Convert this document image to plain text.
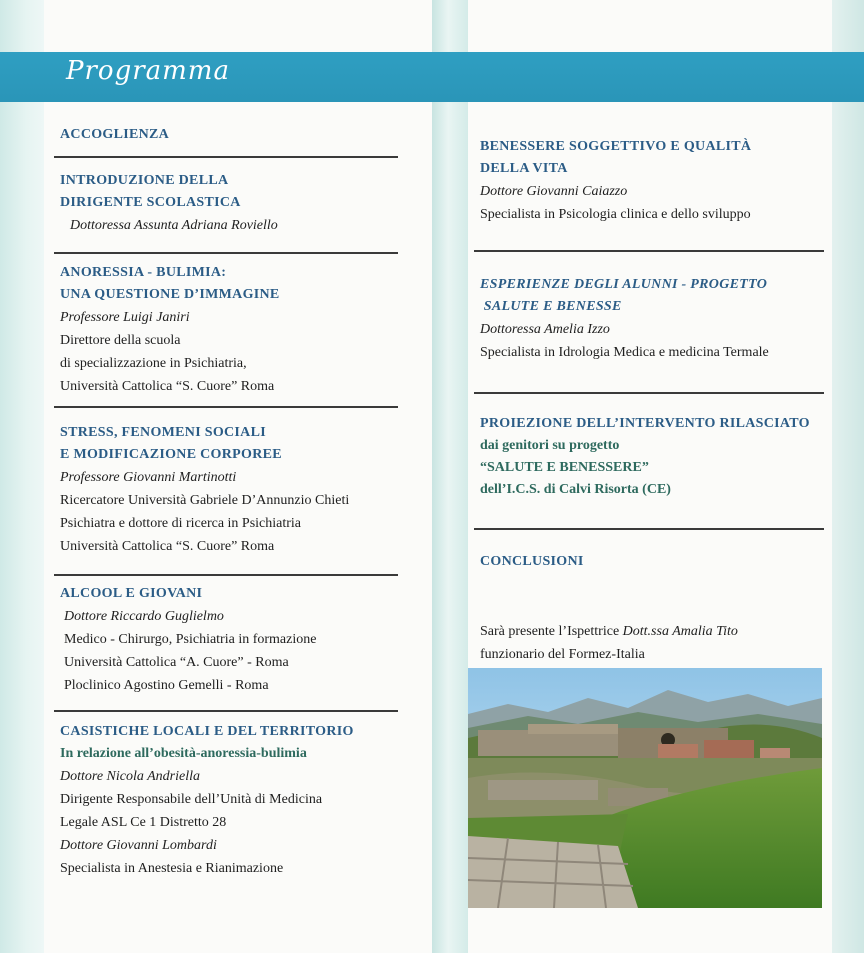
Programma
ACCOGLIENZA
INTRODUZIONE DELLA
DIRIGENTE SCOLASTICA
Dottoressa Assunta Adriana Roviello
ANORESSIA - BULIMIA:
UNA QUESTIONE D’IMMAGINE
Professore Luigi Janiri
Direttore della scuola
di specializzazione in Psichiatria,
Università Cattolica “S. Cuore” Roma
STRESS, FENOMENI SOCIALI
E MODIFICAZIONE CORPOREE
Professore Giovanni Martinotti
Ricercatore Università Gabriele D’Annunzio Chieti
Psichiatra e dottore di ricerca in Psichiatria
Università Cattolica “S. Cuore” Roma
ALCOOL E GIOVANI
Dottore Riccardo Guglielmo
Medico - Chirurgo, Psichiatria in formazione
Università Cattolica “A. Cuore” - Roma
Ploclinico Agostino Gemelli - Roma
CASISTICHE LOCALI E DEL TERRITORIO
In relazione all’obesità-anoressia-bulimia
Dottore Nicola Andriella
Dirigente Responsabile dell’Unità di Medicina
Legale ASL Ce 1 Distretto 28
Dottore Giovanni Lombardi
Specialista in Anestesia e Rianimazione
BENESSERE SOGGETTIVO E QUALITÀ
DELLA VITA
Dottore Giovanni Caiazzo
Specialista in Psicologia clinica e dello sviluppo
ESPERIENZE DEGLI ALUNNI - PROGETTO
SALUTE E BENESSE
Dottoressa Amelia Izzo
Specialista in Idrologia Medica e medicina Termale
PROIEZIONE DELL’INTERVENTO RILASCIATO
dai genitori su progetto
“SALUTE E BENESSERE”
dell’I.C.S. di Calvi Risorta (CE)
CONCLUSIONI
Sarà presente l’Ispettrice Dott.ssa Amalia Tito
funzionario del Formez-Italia
